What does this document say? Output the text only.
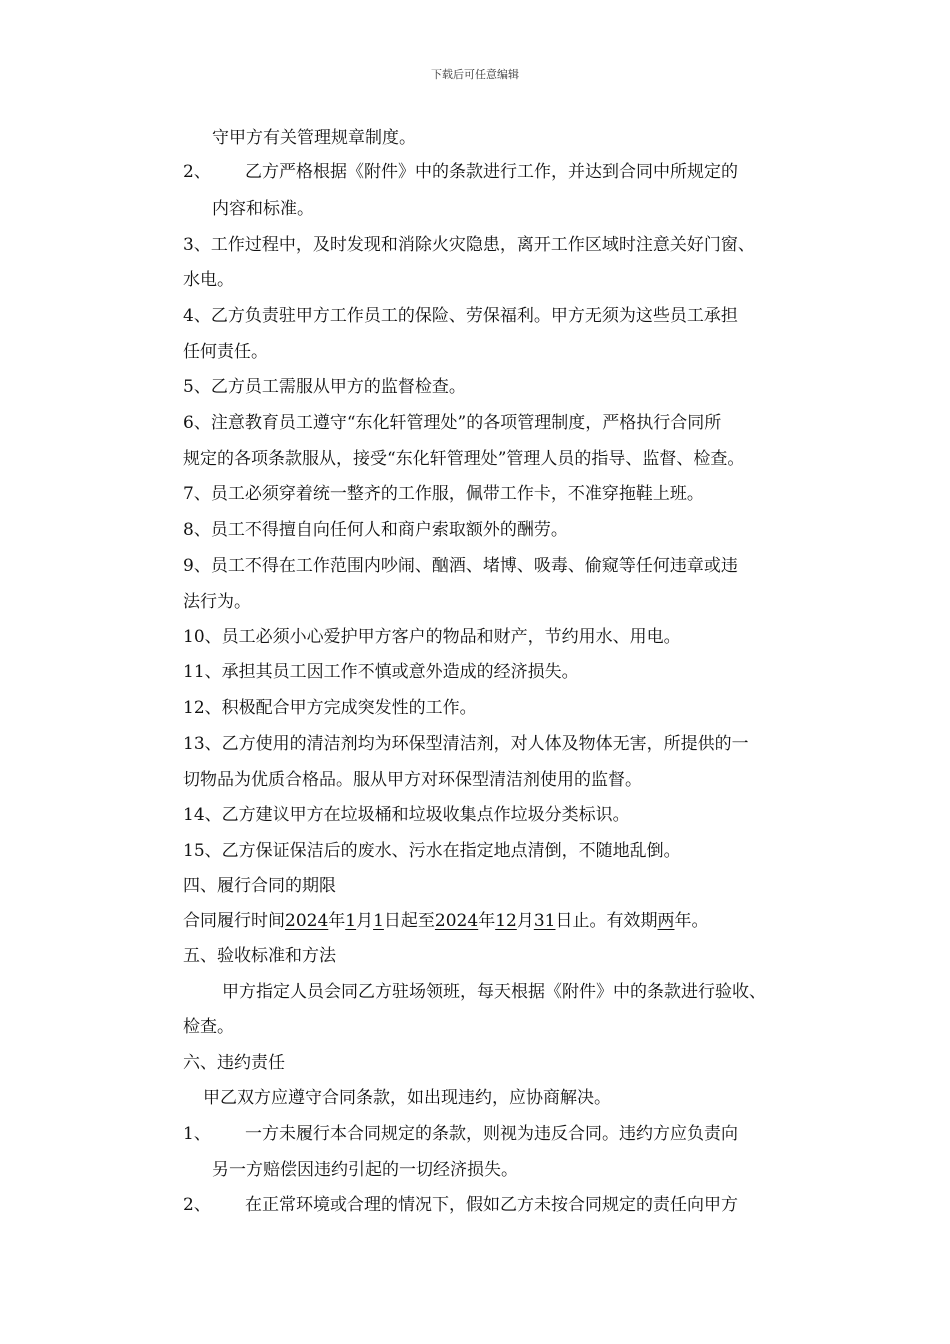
下载后可任意编辑
守甲方有关管理规章制度。
2、 乙方严格根据《附件》中的条款进行工作，并达到合同中所规定的
内容和标准。
3、工作过程中，及时发现和消除火灾隐患，离开工作区域时注意关好门窗、
水电。
4、乙方负责驻甲方工作员工的保险、劳保福利。甲方无须为这些员工承担
任何责任。
5、乙方员工需服从甲方的监督检查。
6、注意教育员工遵守“东化轩管理处”的各项管理制度，严格执行合同所
规定的各项条款服从，接受“东化轩管理处”管理人员的指导、监督、检查。
7、员工必须穿着统一整齐的工作服，佩带工作卡，不准穿拖鞋上班。
8、员工不得擅自向任何人和商户索取额外的酬劳。
9、员工不得在工作范围内吵闹、酗酒、堵博、吸毒、偷窥等任何违章或违
法行为。
10、员工必须小心爱护甲方客户的物品和财产，节约用水、用电。
11、承担其员工因工作不慎或意外造成的经济损失。
12、积极配合甲方完成突发性的工作。
13、乙方使用的清洁剂均为环保型清洁剂，对人体及物体无害，所提供的一
切物品为优质合格品。服从甲方对环保型清洁剂使用的监督。
14、乙方建议甲方在垃圾桶和垃圾收集点作垃圾分类标识。
15、乙方保证保洁后的废水、污水在指定地点清倒，不随地乱倒。
四、履行合同的期限
合同履行时间2024年1月1日起至2024年12月31日止。有效期两年。
五、验收标准和方法
甲方指定人员会同乙方驻场领班，每天根据《附件》中的条款进行验收、
检查。
六、违约责任
甲乙双方应遵守合同条款，如出现违约，应协商解决。
1、 一方未履行本合同规定的条款，则视为违反合同。违约方应负责向
另一方赔偿因违约引起的一切经济损失。
2、 在正常环境或合理的情况下，假如乙方未按合同规定的责任向甲方
